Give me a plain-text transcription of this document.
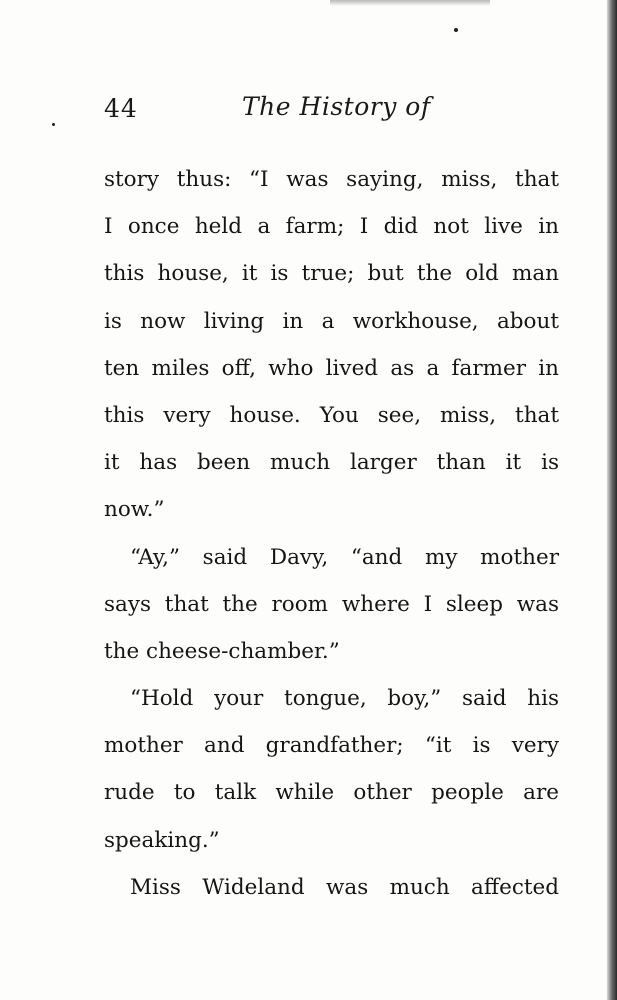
44	The History of
story thus: “I was saying, miss, that
I once held a farm; I did not live in
this house, it is true; but the old man
is now living in a workhouse, about
ten miles off, who lived as a farmer in
this very house. You see, miss, that
it has been much larger than it is
now.”
“Ay,” said Davy, “and my mother
says that the room where I sleep was
the cheese-chamber.”
“Hold your tongue, boy,” said his
mother and grandfather; “it is very
rude to talk while other people are
speaking.”
Miss Wideland was much affected
